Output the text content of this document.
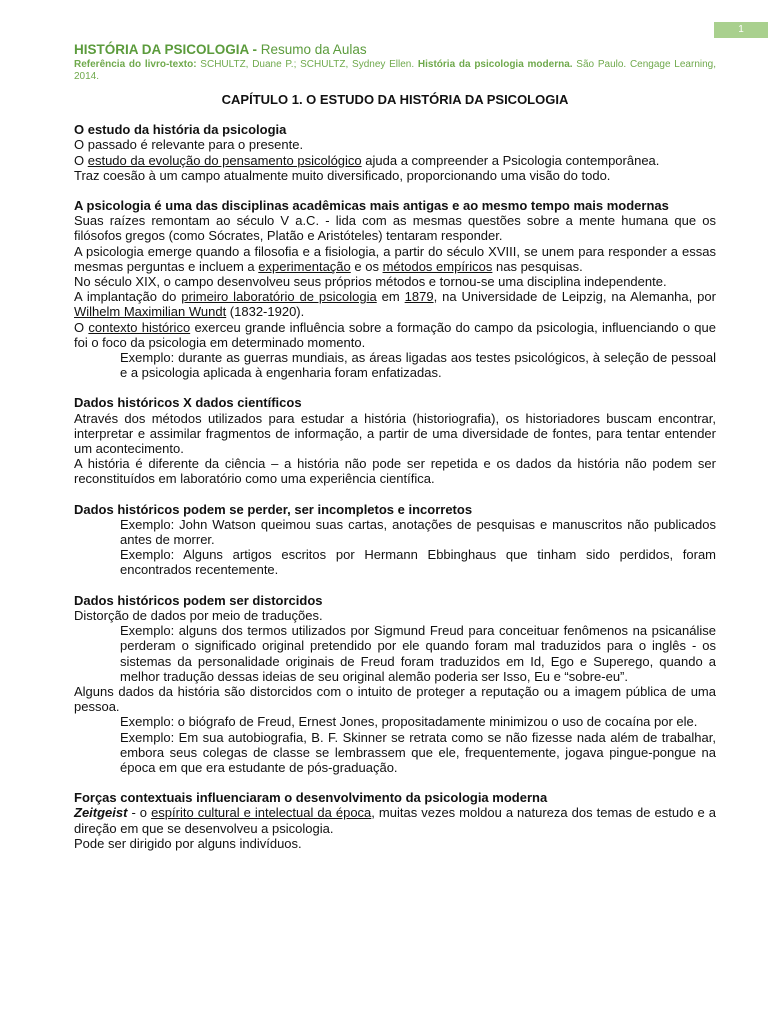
1
HISTÓRIA DA PSICOLOGIA - Resumo da Aulas
Referência do livro-texto: SCHULTZ, Duane P.; SCHULTZ, Sydney Ellen. História da psicologia moderna. São Paulo. Cengage Learning, 2014.

CAPÍTULO 1. O ESTUDO DA HISTÓRIA DA PSICOLOGIA

O estudo da história da psicologia

O passado é relevante para o presente.

O estudo da evolução do pensamento psicológico ajuda a compreender a Psicologia contemporânea.

Traz coesão à um campo atualmente muito diversificado, proporcionando uma visão do todo.

A psicologia é uma das disciplinas acadêmicas mais antigas e ao mesmo tempo mais modernas

Suas raízes remontam ao século V a.C. - lida com as mesmas questões sobre a mente humana que os filósofos gregos (como Sócrates, Platão e Aristóteles) tentaram responder.

A psicologia emerge quando a filosofia e a fisiologia, a partir do século XVIII, se unem para responder a essas mesmas perguntas e incluem a experimentação e os métodos empíricos nas pesquisas.

No século XIX, o campo desenvolveu seus próprios métodos e tornou-se uma disciplina independente.

A implantação do primeiro laboratório de psicologia em 1879, na Universidade de Leipzig, na Alemanha, por Wilhelm Maximilian Wundt (1832-1920).

O contexto histórico exerceu grande influência sobre a formação do campo da psicologia, influenciando o que foi o foco da psicologia em determinado momento.

Exemplo: durante as guerras mundiais, as áreas ligadas aos testes psicológicos, à seleção de pessoal e a psicologia aplicada à engenharia foram enfatizadas.

Dados históricos X dados científicos

Através dos métodos utilizados para estudar a história (historiografia), os historiadores buscam encontrar, interpretar e assimilar fragmentos de informação, a partir de uma diversidade de fontes, para tentar entender um acontecimento.

A história é diferente da ciência – a história não pode ser repetida e os dados da história não podem ser reconstituídos em laboratório como uma experiência científica.

Dados históricos podem se perder, ser incompletos e incorretos

Exemplo: John Watson queimou suas cartas, anotações de pesquisas e manuscritos não publicados antes de morrer.

Exemplo: Alguns artigos escritos por Hermann Ebbinghaus que tinham sido perdidos, foram encontrados recentemente.

Dados históricos podem ser distorcidos

Distorção de dados por meio de traduções.

Exemplo: alguns dos termos utilizados por Sigmund Freud para conceituar fenômenos na psicanálise perderam o significado original pretendido por ele quando foram mal traduzidos para o inglês - os sistemas da personalidade originais de Freud foram traduzidos em Id, Ego e Superego, quando a melhor tradução dessas ideias de seu original alemão poderia ser Isso, Eu e “sobre-eu”.

Alguns dados da história são distorcidos com o intuito de proteger a reputação ou a imagem pública de uma pessoa.

Exemplo: o biógrafo de Freud, Ernest Jones, propositadamente minimizou o uso de cocaína por ele.

Exemplo: Em sua autobiografia, B. F. Skinner se retrata como se não fizesse nada além de trabalhar, embora seus colegas de classe se lembrassem que ele, frequentemente, jogava pingue-pongue na época em que era estudante de pós-graduação.

Forças contextuais influenciaram o desenvolvimento da psicologia moderna

Zeitgeist - o espírito cultural e intelectual da época, muitas vezes moldou a natureza dos temas de estudo e a direção em que se desenvolveu a psicologia.

Pode ser dirigido por alguns indivíduos.
